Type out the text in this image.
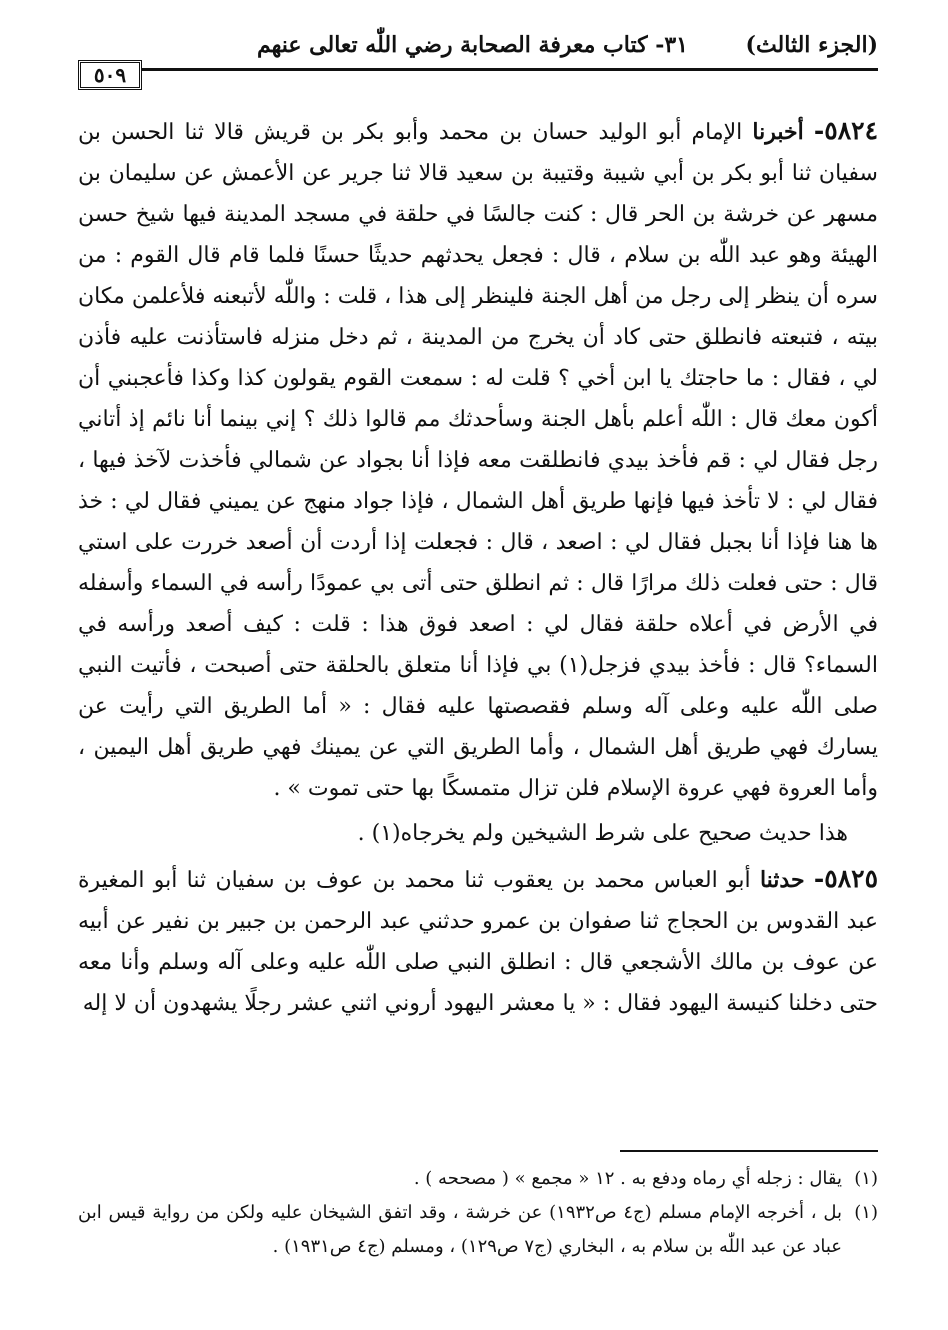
(الجزء الثالث)
٣١- كتاب معرفة الصحابة رضي اللّٰه تعالى عنهم
٥٠٩

٥٨٢٤- أخبرنا الإمام أبو الوليد حسان بن محمد وأبو بكر بن قريش قالا ثنا الحسن بن سفيان ثنا أبو بكر بن أبي شيبة وقتيبة بن سعيد قالا ثنا جرير عن الأعمش عن سليمان بن مسهر عن خرشة بن الحر قال : كنت جالسًا في حلقة في مسجد المدينة فيها شيخ حسن الهيئة وهو عبد اللّٰه بن سلام ، قال : فجعل يحدثهم حديثًا حسنًا فلما قام قال القوم : من سره أن ينظر إلى رجل من أهل الجنة فلينظر إلى هذا ، قلت : واللّٰه لأتبعنه فلأعلمن مكان بيته ، فتبعته فانطلق حتى كاد أن يخرج من المدينة ، ثم دخل منزله فاستأذنت عليه فأذن لي ، فقال : ما حاجتك يا ابن أخي ؟ قلت له : سمعت القوم يقولون كذا وكذا فأعجبني أن أكون معك قال : اللّٰه أعلم بأهل الجنة وسأحدثك مم قالوا ذلك ؟ إني بينما أنا نائم إذ أتاني رجل فقال لي : قم فأخذ بيدي فانطلقت معه فإذا أنا بجواد عن شمالي فأخذت لآخذ فيها ، فقال لي : لا تأخذ فيها فإنها طريق أهل الشمال ، فإذا جواد منهج عن يميني فقال لي : خذ ها هنا فإذا أنا بجبل فقال لي : اصعد ، قال : فجعلت إذا أردت أن أصعد خررت على استي قال : حتى فعلت ذلك مرارًا قال : ثم انطلق حتى أتى بي عمودًا رأسه في السماء وأسفله في الأرض في أعلاه حلقة فقال لي : اصعد فوق هذا : قلت : كيف أصعد ورأسه في السماء؟ قال : فأخذ بيدي فزجل(١) بي فإذا أنا متعلق بالحلقة حتى أصبحت ، فأتيت النبي صلى اللّٰه عليه وعلى آله وسلم فقصصتها عليه فقال : « أما الطريق التي رأيت عن يسارك فهي طريق أهل الشمال ، وأما الطريق التي عن يمينك فهي طريق أهل اليمين ، وأما العروة فهي عروة الإسلام فلن تزال متمسكًا بها حتى تموت » .

هذا حديث صحيح على شرط الشيخين ولم يخرجاه(١) .

٥٨٢٥- حدثنا أبو العباس محمد بن يعقوب ثنا محمد بن عوف بن سفيان ثنا أبو المغيرة عبد القدوس بن الحجاج ثنا صفوان بن عمرو حدثني عبد الرحمن بن جبير بن نفير عن أبيه عن عوف بن مالك الأشجعي قال : انطلق النبي صلى اللّٰه عليه وعلى آله وسلم وأنا معه حتى دخلنا كنيسة اليهود فقال : « يا معشر اليهود أروني اثني عشر رجلًا يشهدون أن لا إله

(١)
يقال : زجله أي رماه ودفع به . ١٢ « مجمع » ( مصححه ) .

(١)
بل ، أخرجه الإمام مسلم (ج٤ ص١٩٣٢) عن خرشة ، وقد اتفق الشيخان عليه ولكن من رواية قيس ابن عباد عن عبد اللّٰه بن سلام به ، البخاري (ج٧ ص١٢٩) ، ومسلم (ج٤ ص١٩٣١) .
